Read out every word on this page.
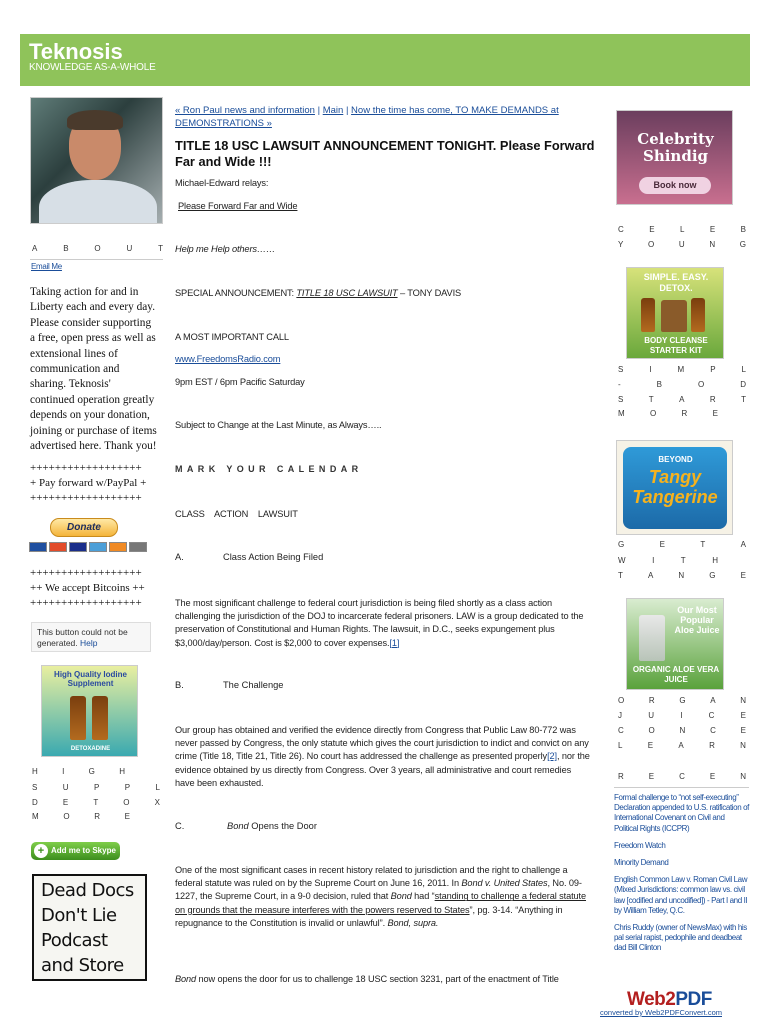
Teknosis
KNOWLEDGE AS-A-WHOLE
A	B	O	U	T
Email Me
Taking action for and in Liberty each and every day. Please consider supporting a free, open press as well as extensional lines of communication and sharing. Teknosis' continued operation greatly depends on your donation, joining or purchase of items advertised here. Thank you!
++++++++++++++++++
+ Pay forward w/PayPal +
++++++++++++++++++
Donate
++++++++++++++++++
++ We accept Bitcoins ++
++++++++++++++++++
This button could not be generated. Help
High Quality Iodine Supplement
DETOXADINE
H	I	G	H
S	U	P	P	L
D	E	T	O	X
M	O	R	E
+ Add me to Skype
Dead Docs
Don't Lie
Podcast
and Store
« Ron Paul news and information | Main | Now the time has come, TO MAKE DEMANDS at DEMONSTRATIONS »
TITLE 18 USC LAWSUIT ANNOUNCEMENT TONIGHT. Please Forward Far and Wide !!!
Michael-Edward relays:
Please Forward Far and Wide
Help me Help others……
SPECIAL ANNOUNCEMENT: TITLE 18 USC LAWSUIT – TONY DAVIS
A MOST IMPORTANT CALL
www.FreedomsRadio.com
9pm EST / 6pm Pacific Saturday
Subject to Change at the Last Minute, as Always…..
MARK YOUR CALENDAR
CLASS    ACTION    LAWSUIT
A.	Class Action Being Filed
The most significant challenge to federal court jurisdiction is being filed shortly as a class action challenging the jurisdiction of the DOJ to incarcerate federal prisoners. LAW is a group dedicated to the preservation of Constitutional and Human Rights. The lawsuit, in D.C., seeks expungement plus $3,000/day/person. Cost is $2,000 to cover expenses.[1]
B.	The Challenge
Our group has obtained and verified the evidence directly from Congress that Public Law 80-772 was never passed by Congress, the only statute which gives the court jurisdiction to indict and convict on any crime (Title 18, Title 21, Title 26). No court has addressed the challenge as presented properly[2], nor the evidence obtained by us directly from Congress. Over 3 years, all administrative and court remedies have been exhausted.
C.	Bond Opens the Door
One of the most significant cases in recent history related to jurisdiction and the right to challenge a federal statute was ruled on by the Supreme Court on June 16, 2011. In Bond v. United States, No. 09-1227, the Supreme Court, in a 9-0 decision, ruled that Bond had “standing to challenge a federal statute on grounds that the measure interferes with the powers reserved to States”, pg. 3-14. “Anything in repugnance to the Constitution is invalid or unlawful”. Bond, supra.
Bond now opens the door for us to challenge 18 USC section 3231, part of the enactment of Title
Celebrity Shindig
Book now
C	E	L	E	B
Y	O	U	N	G
SIMPLE. EASY.
DETOX.
BODY CLEANSE STARTER KIT
S	I	M	P	L
-	B	O	D
S	T	A	R	T
M	O	R	E
BEYOND
Tangy Tangerine
G	E	T	A
W	I	T	H
T	A	N	G	E
Our Most Popular Aloe Juice
ORGANIC ALOE VERA JUICE
O	R	G	A	N
J	U	I	C	E
C	O	N	C	E
L	E	A	R	N
R	E	C	E	N
Formal challenge to “not self-executing” Declaration appended to U.S. ratification of International Covenant on Civil and Political Rights (ICCPR)
Freedom Watch
Minority Demand
English Common Law v. Roman Civil Law (Mixed Jurisdictions: common law vs. civil law [codified and uncodified]) - Part I and II by William Tetley, Q.C.
Chris Ruddy (owner of NewsMax) with his pal serial rapist, pedophile and deadbeat dad Bill Clinton
Web2PDF
converted by Web2PDFConvert.com
